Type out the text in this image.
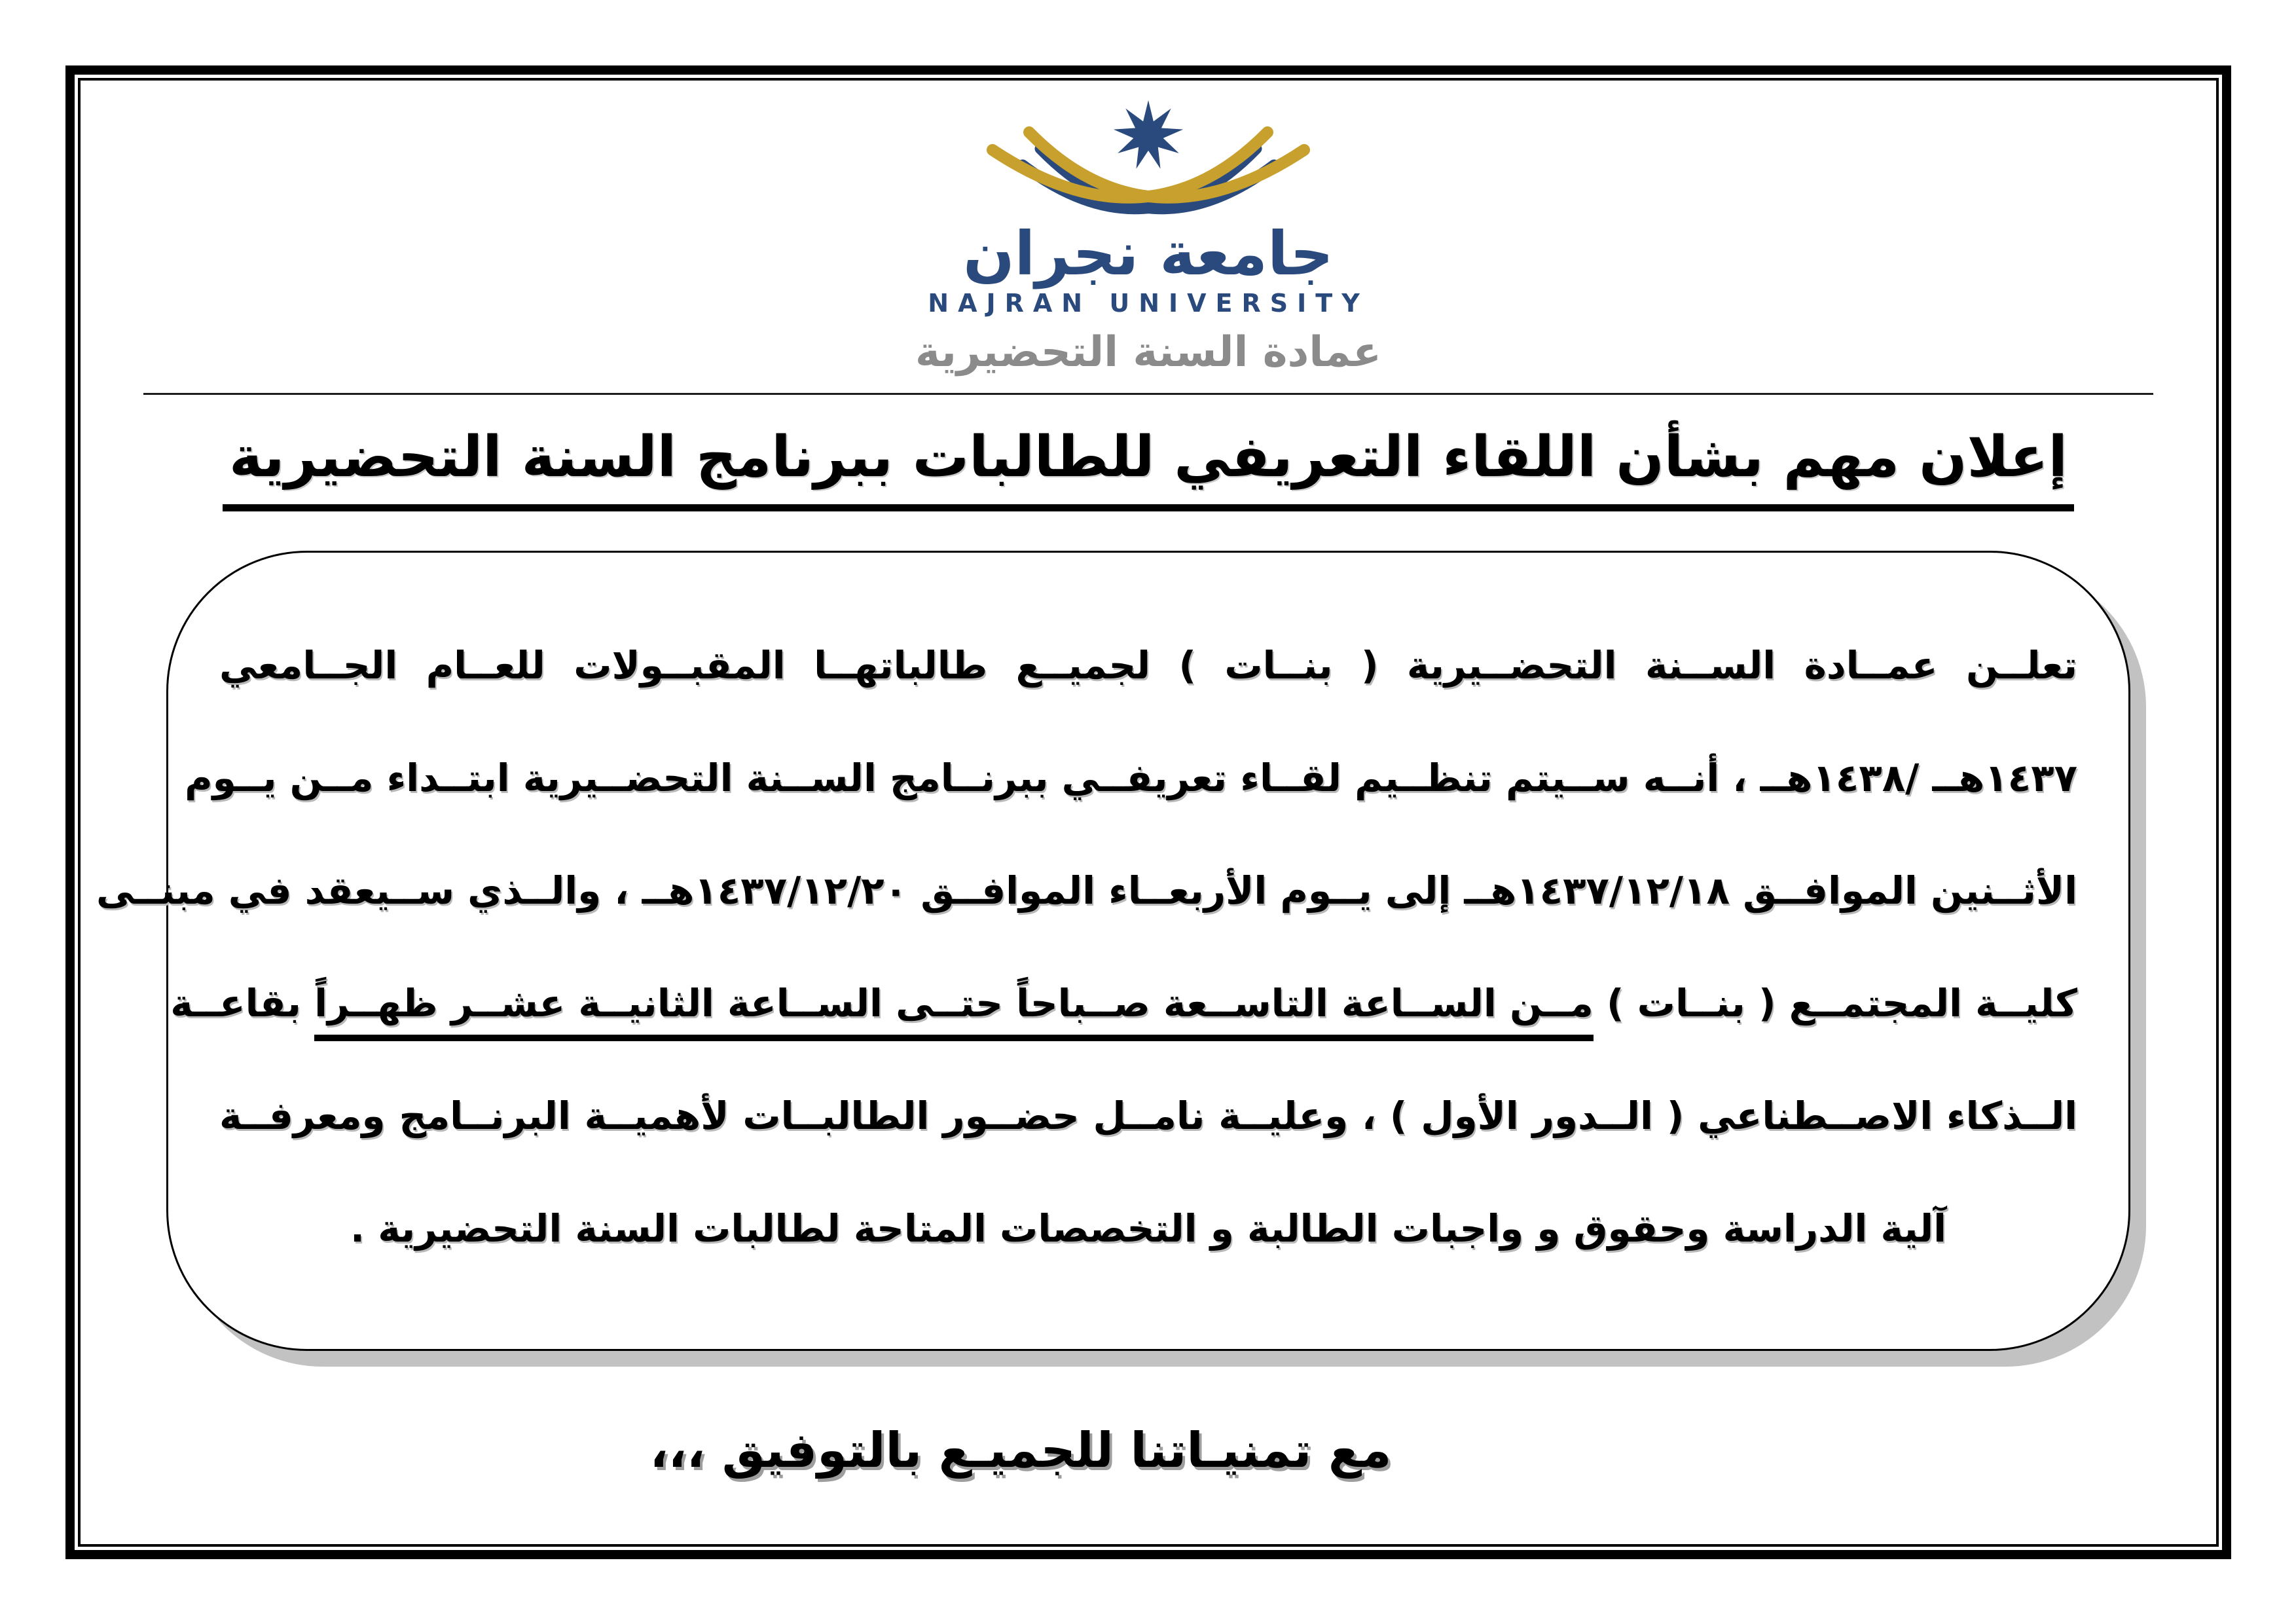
جامعة نجران
NAJRAN UNIVERSITY
عمادة السنة التحضيرية
إعلان مهم بشأن اللقاء التعريفي للطالبات ببرنامج السنة التحضيرية
تعلــن عمــادة الســنة التحضــيرية ( بنــات ) لجميــع طالباتهــا المقبــولات للعــام الجــامعي
١٤٣٧هــ /١٤٣٨هــ ، أنــه ســيتم تنظــيم لقــاء تعريفــي ببرنــامج الســنة التحضــيرية ابتــداء مــن يــوم
الأثــنين الموافــق ١٤٣٧/١٢/١٨هــ إلى يــوم الأربعــاء الموافــق ١٤٣٧/١٢/٢٠هــ ، والــذي ســيعقد في مبنــى
كليــة المجتمــع ( بنــات ) مــن الســاعة التاســعة صــباحاً حتــى الســاعة الثانيــة عشــر ظهــراً بقاعــة
الــذكاء الاصــطناعي ( الــدور الأول ) ، وعليــة نامــل حضــور الطالبــات لأهميــة البرنــامج ومعرفــة
آلية الدراسة وحقوق و واجبات الطالبة و التخصصات المتاحة لطالبات السنة التحضيرية .
مع تمنيـاتنا للجميـع بالتوفيق ،،،
